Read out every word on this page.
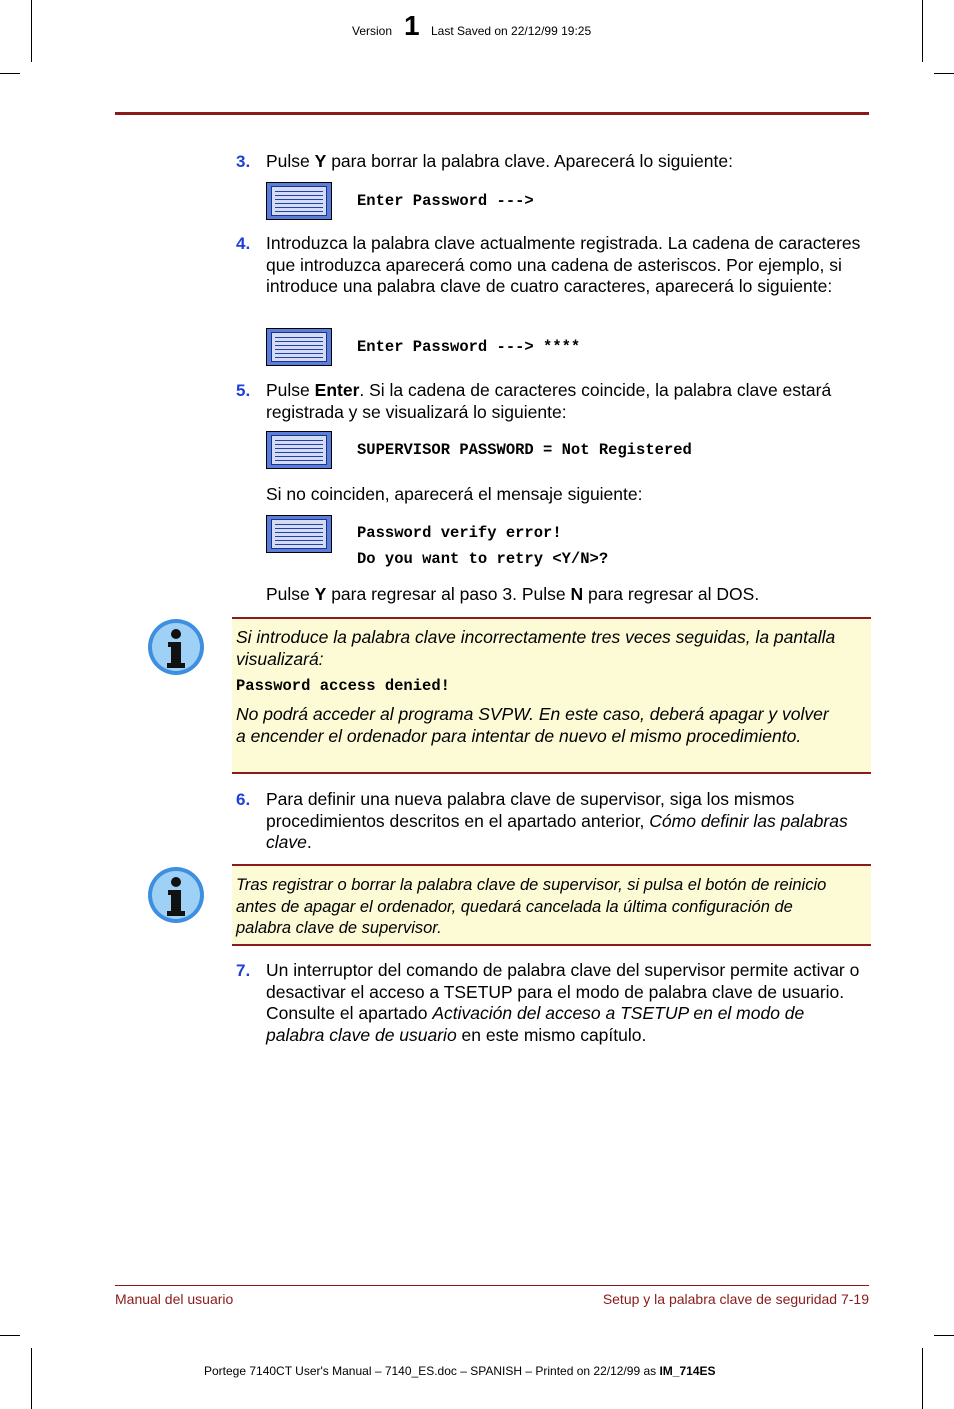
Version 1 Last Saved on 22/12/99 19:25
3. Pulse Y para borrar la palabra clave. Aparecerá lo siguiente:
Enter Password --->
4. Introduzca la palabra clave actualmente registrada. La cadena de caracteres que introduzca aparecerá como una cadena de asteriscos. Por ejemplo, si introduce una palabra clave de cuatro caracteres, aparecerá lo siguiente:
Enter Password ---> ****
5. Pulse Enter. Si la cadena de caracteres coincide, la palabra clave estará registrada y se visualizará lo siguiente:
SUPERVISOR PASSWORD = Not Registered
Si no coinciden, aparecerá el mensaje siguiente:
Password verify error!
Do you want to retry <Y/N>?
Pulse Y para regresar al paso 3. Pulse N para regresar al DOS.
Si introduce la palabra clave incorrectamente tres veces seguidas, la pantalla visualizará:
Password access denied!
No podrá acceder al programa SVPW. En este caso, deberá apagar y volver a encender el ordenador para intentar de nuevo el mismo procedimiento.
6. Para definir una nueva palabra clave de supervisor, siga los mismos procedimientos descritos en el apartado anterior, Cómo definir las palabras clave.
Tras registrar o borrar la palabra clave de supervisor, si pulsa el botón de reinicio antes de apagar el ordenador, quedará cancelada la última configuración de palabra clave de supervisor.
7. Un interruptor del comando de palabra clave del supervisor permite activar o desactivar el acceso a TSETUP para el modo de palabra clave de usuario. Consulte el apartado Activación del acceso a TSETUP en el modo de palabra clave de usuario en este mismo capítulo.
Manual del usuario	Setup y la palabra clave de seguridad 7-19
Portege 7140CT User's Manual – 7140_ES.doc – SPANISH – Printed on 22/12/99 as IM_714ES
